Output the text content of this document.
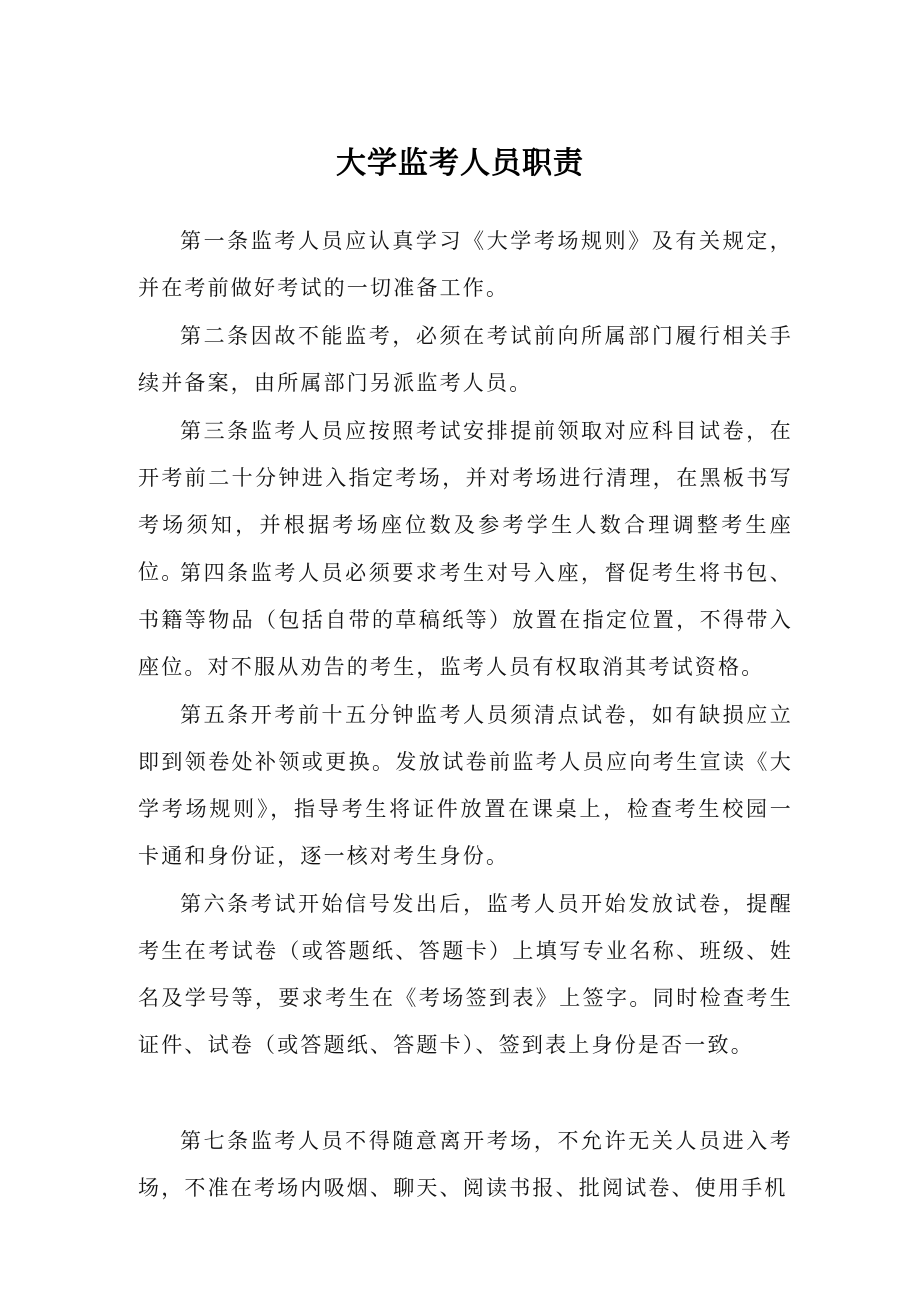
大学监考人员职责

第一条监考人员应认真学习《大学考场规则》及有关规定，并在考前做好考试的一切准备工作。

第二条因故不能监考，必须在考试前向所属部门履行相关手续并备案，由所属部门另派监考人员。

第三条监考人员应按照考试安排提前领取对应科目试卷，在开考前二十分钟进入指定考场，并对考场进行清理，在黑板书写考场须知，并根据考场座位数及参考学生人数合理调整考生座位。

第四条监考人员必须要求考生对号入座，督促考生将书包、书籍等物品（包括自带的草稿纸等）放置在指定位置，不得带入座位。对不服从劝告的考生，监考人员有权取消其考试资格。

第五条开考前十五分钟监考人员须清点试卷，如有缺损应立即到领卷处补领或更换。发放试卷前监考人员应向考生宣读《大学考场规则》，指导考生将证件放置在课桌上，检查考生校园一卡通和身份证，逐一核对考生身份。

第六条考试开始信号发出后，监考人员开始发放试卷，提醒考生在考试卷（或答题纸、答题卡）上填写专业名称、班级、姓名及学号等，要求考生在《考场签到表》上签字。同时检查考生证件、试卷（或答题纸、答题卡）、签到表上身份是否一致。

第七条监考人员不得随意离开考场，不允许无关人员进入考场，不准在考场内吸烟、聊天、阅读书报、批阅试卷、使用手机
